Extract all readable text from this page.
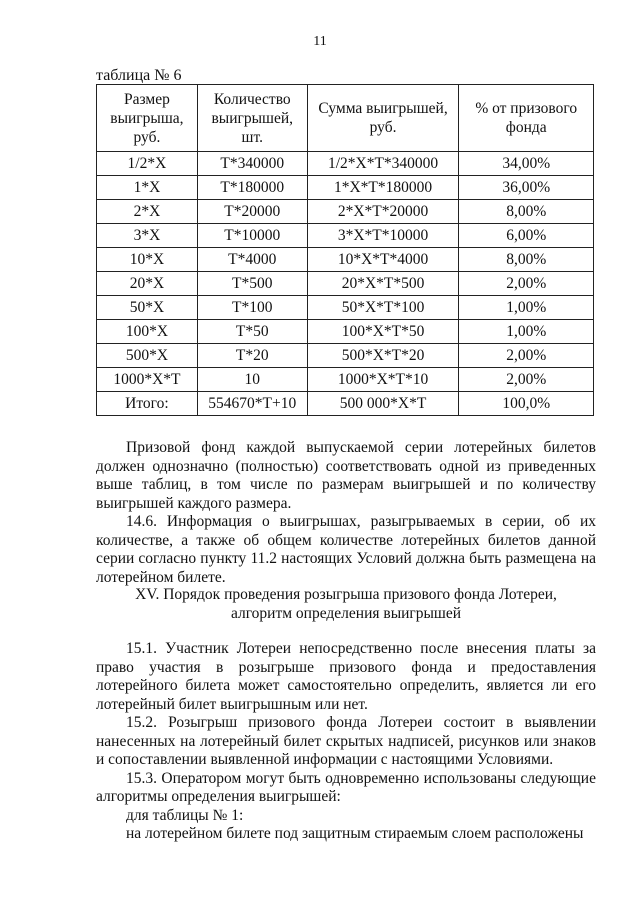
11
таблица № 6
Размер выигрыша, руб.	Количество выигрышей, шт.	Сумма выигрышей, руб.	% от призового фонда
1/2*X	T*340000	1/2*X*T*340000	34,00%
1*X	T*180000	1*X*T*180000	36,00%
2*X	T*20000	2*X*T*20000	8,00%
3*X	T*10000	3*X*T*10000	6,00%
10*X	T*4000	10*X*T*4000	8,00%
20*X	T*500	20*X*T*500	2,00%
50*X	T*100	50*X*T*100	1,00%
100*X	T*50	100*X*T*50	1,00%
500*X	T*20	500*X*T*20	2,00%
1000*X*T	10	1000*X*T*10	2,00%
Итого:	554670*T+10	500 000*X*T	100,0%

Призовой фонд каждой выпускаемой серии лотерейных билетов должен однозначно (полностью) соответствовать одной из приведенных выше таблиц, в том числе по размерам выигрышей и по количеству выигрышей каждого размера.

14.6. Информация о выигрышах, разыгрываемых в серии, об их количестве, а также об общем количестве лотерейных билетов данной серии согласно пункту 11.2 настоящих Условий должна быть размещена на лотерейном билете.

XV. Порядок проведения розыгрыша призового фонда Лотереи,
алгоритм определения выигрышей

15.1. Участник Лотереи непосредственно после внесения платы за право участия в розыгрыше призового фонда и предоставления лотерейного билета может самостоятельно определить, является ли его лотерейный билет выигрышным или нет.

15.2. Розыгрыш призового фонда Лотереи состоит в выявлении нанесенных на лотерейный билет скрытых надписей, рисунков или знаков и сопоставлении выявленной информации с настоящими Условиями.

15.3. Оператором могут быть одновременно использованы следующие алгоритмы определения выигрышей:

для таблицы № 1:

на лотерейном билете под защитным стираемым слоем расположены
